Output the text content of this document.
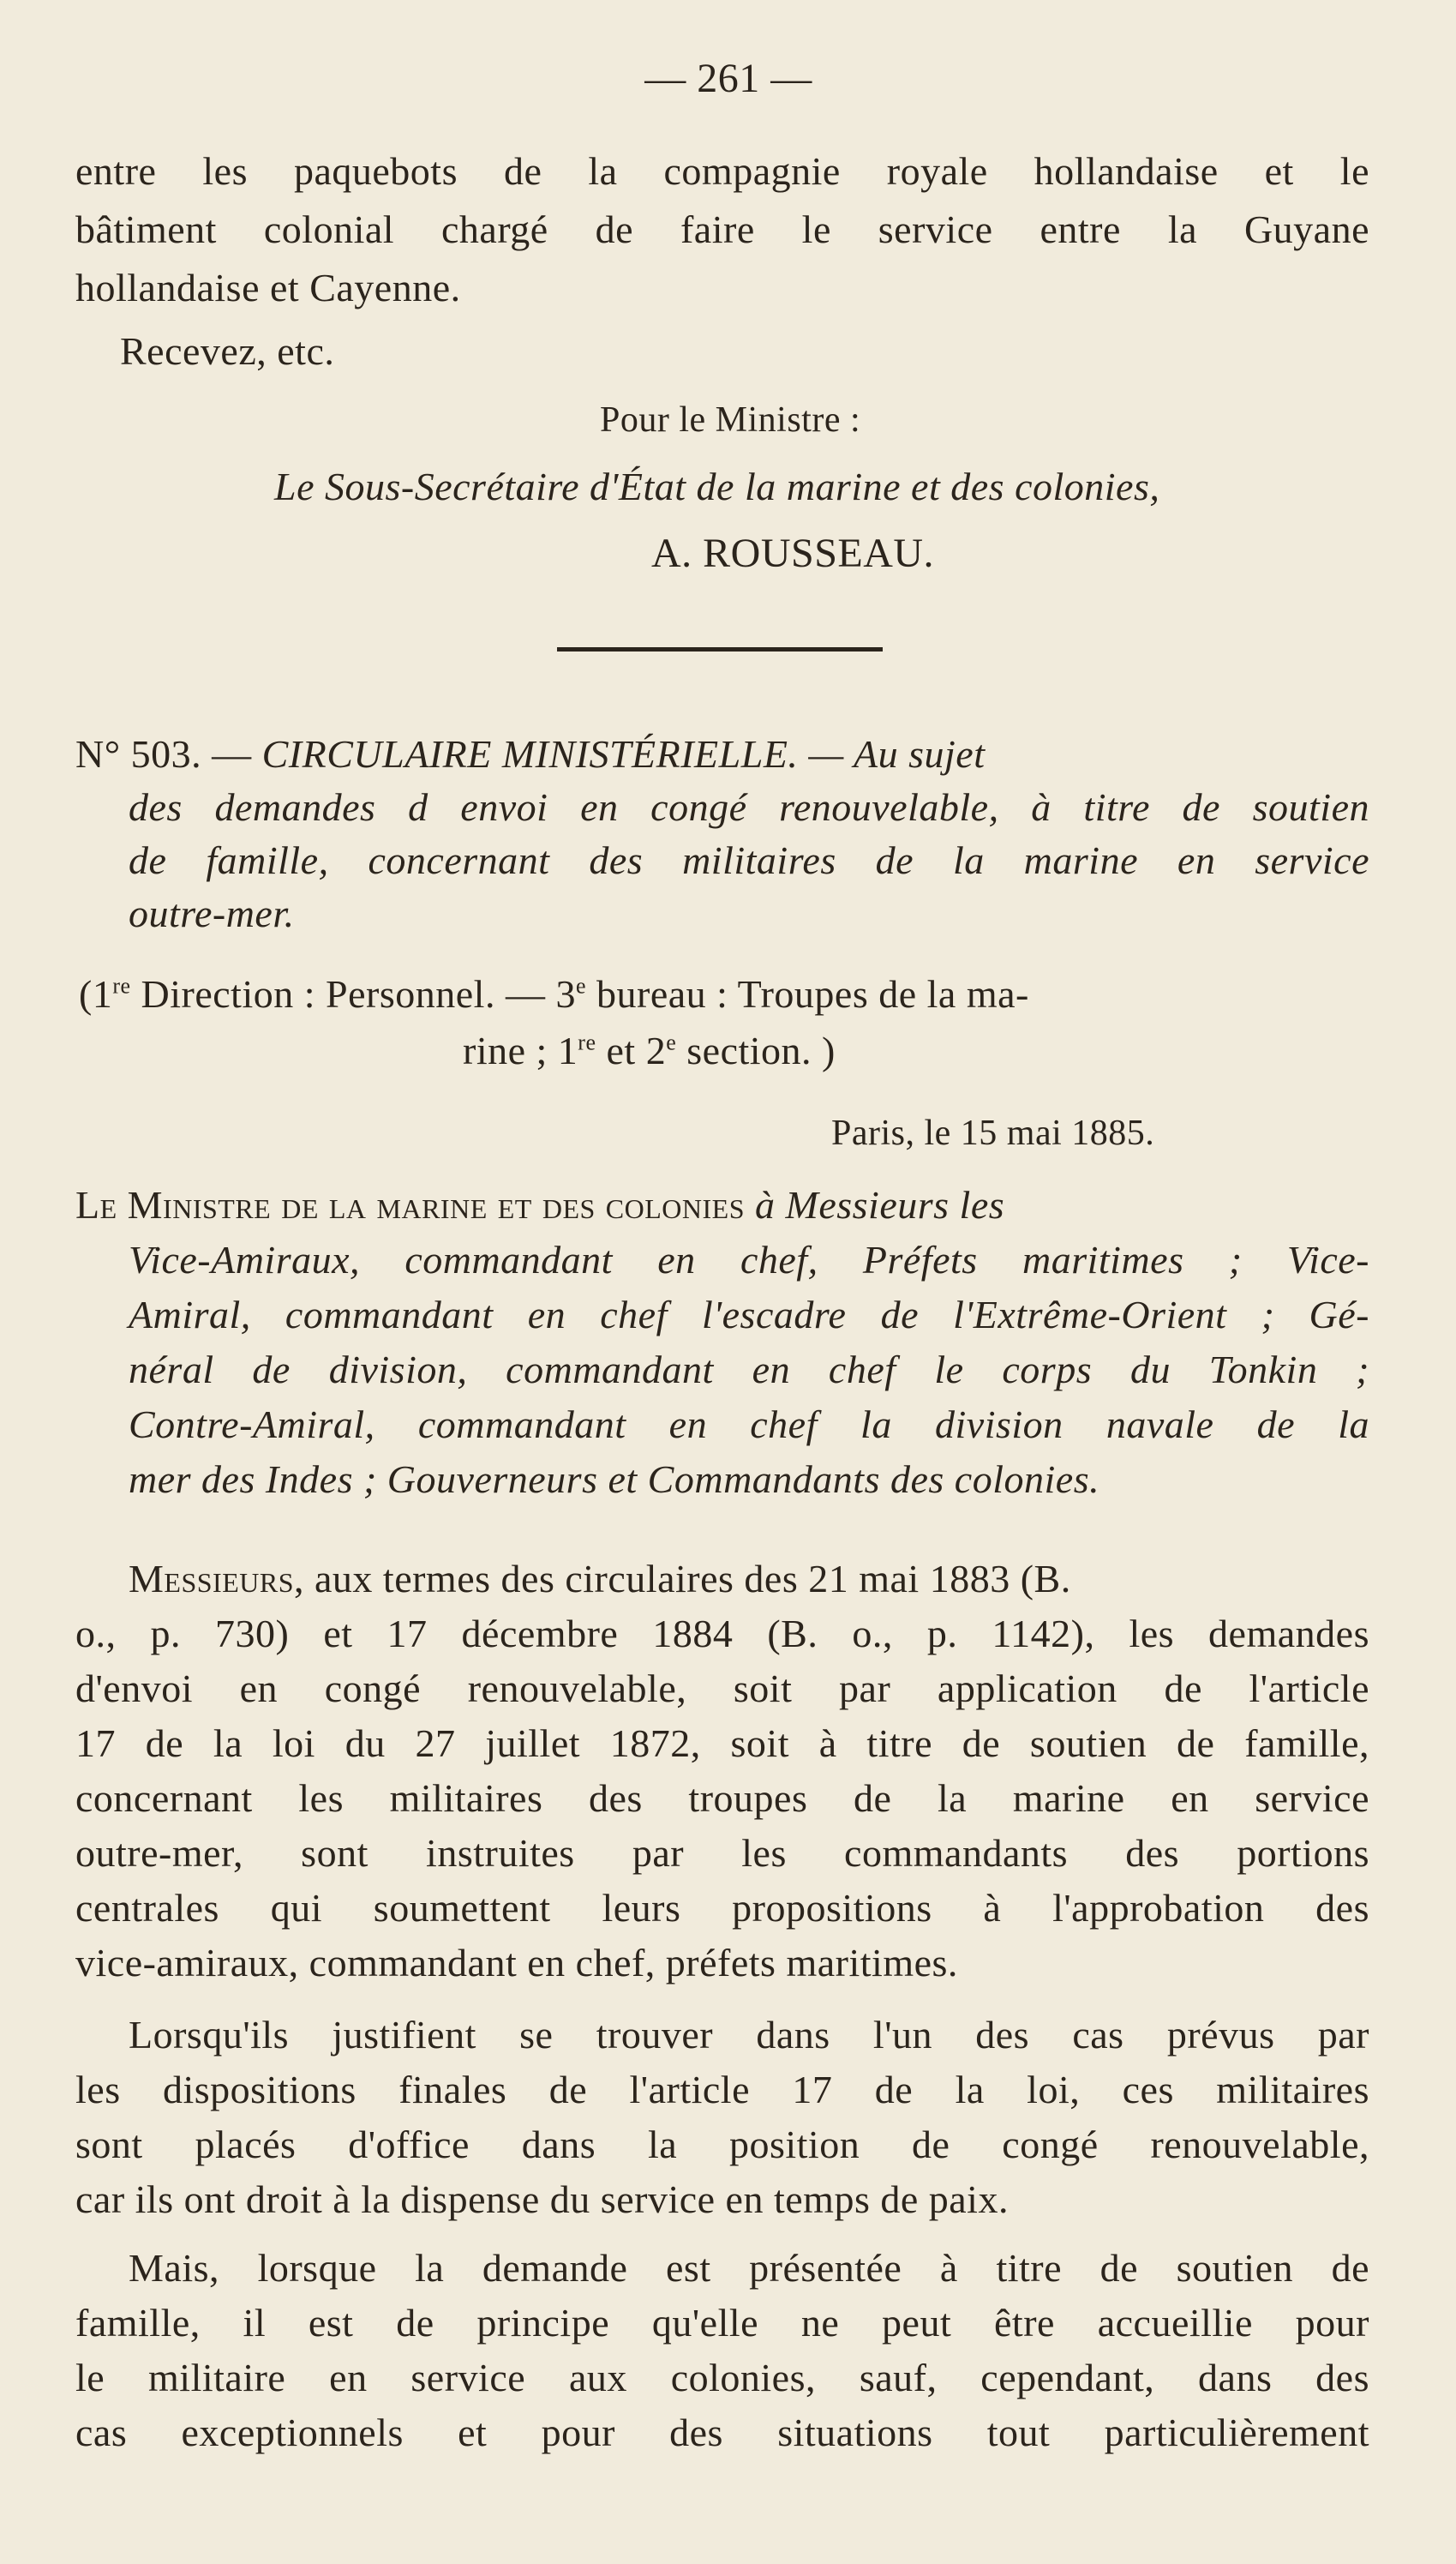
— 261 —
entre les paquebots de la compagnie royale hollandaise et le
bâtiment colonial chargé de faire le service entre la Guyane
hollandaise et Cayenne.
Recevez, etc.
Pour le Ministre :
Le Sous-Secrétaire d'État de la marine et des colonies,
A. ROUSSEAU.
N° 503. — CIRCULAIRE MINISTÉRIELLE. — Au sujet
des demandes d envoi en congé renouvelable, à titre de soutien
de famille, concernant des militaires de la marine en service
outre-mer.
(1re Direction : Personnel. — 3e bureau : Troupes de la ma-
rine ; 1re et 2e section. )
Paris, le 15 mai 1885.
Le Ministre de la marine et des colonies à Messieurs les
Vice-Amiraux, commandant en chef, Préfets maritimes ; Vice-
Amiral, commandant en chef l'escadre de l'Extrême-Orient ; Gé-
néral de division, commandant en chef le corps du Tonkin ;
Contre-Amiral, commandant en chef la division navale de la
mer des Indes ; Gouverneurs et Commandants des colonies.
Messieurs, aux termes des circulaires des 21 mai 1883 (B.
o., p. 730) et 17 décembre 1884 (B. o., p. 1142), les demandes
d'envoi en congé renouvelable, soit par application de l'article
17 de la loi du 27 juillet 1872, soit à titre de soutien de famille,
concernant les militaires des troupes de la marine en service
outre-mer, sont instruites par les commandants des portions
centrales qui soumettent leurs propositions à l'approbation des
vice-amiraux, commandant en chef, préfets maritimes.
Lorsqu'ils justifient se trouver dans l'un des cas prévus par
les dispositions finales de l'article 17 de la loi, ces militaires
sont placés d'office dans la position de congé renouvelable,
car ils ont droit à la dispense du service en temps de paix.
Mais, lorsque la demande est présentée à titre de soutien de
famille, il est de principe qu'elle ne peut être accueillie pour
le militaire en service aux colonies, sauf, cependant, dans des
cas exceptionnels et pour des situations tout particulièrement
